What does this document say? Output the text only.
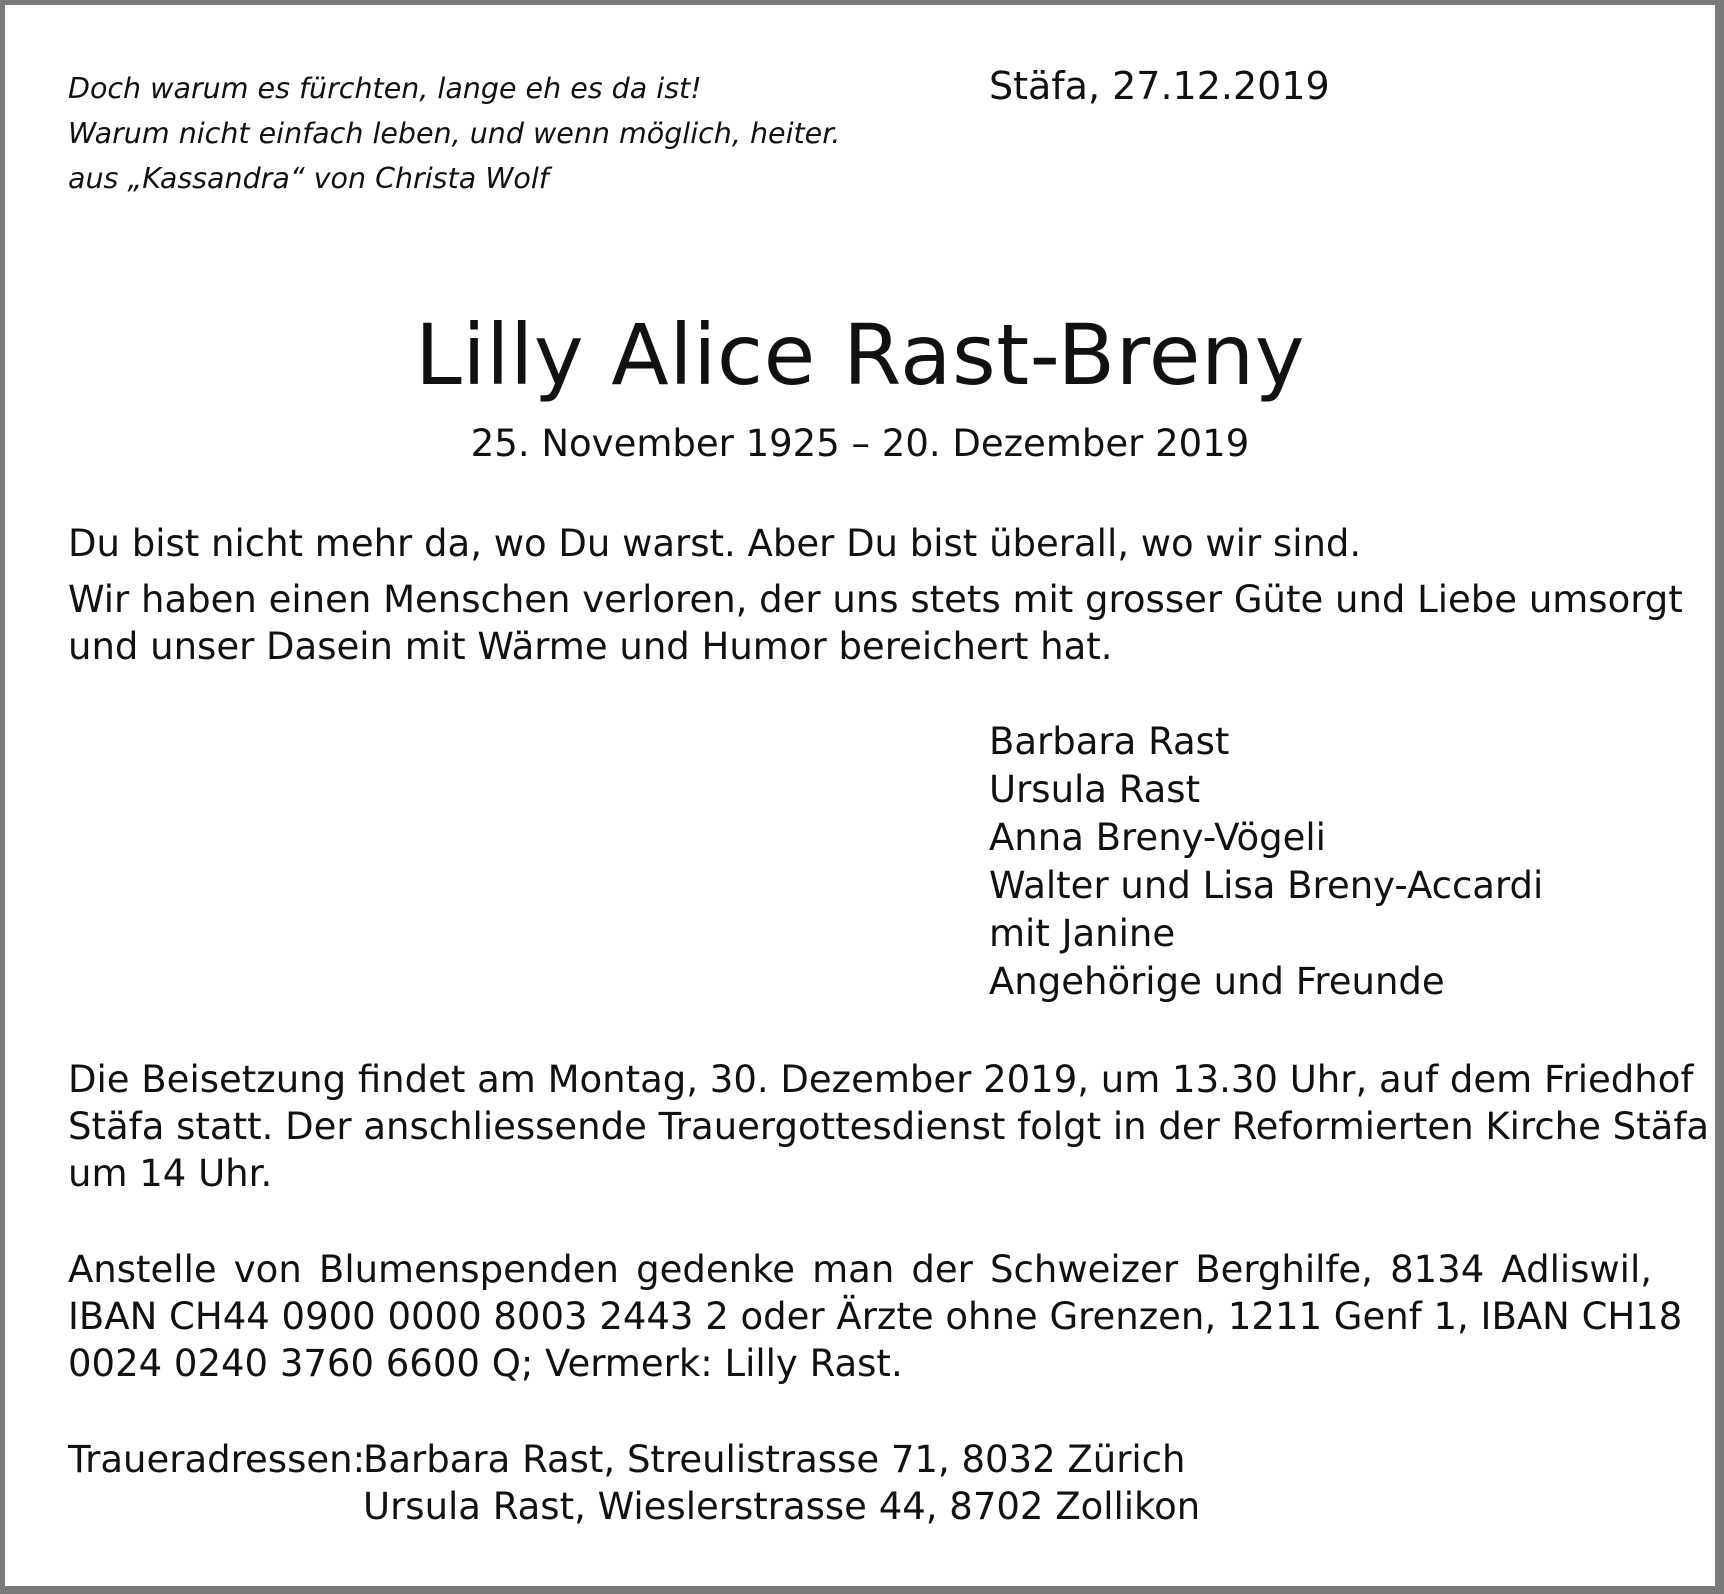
Doch warum es fürchten, lange eh es da ist!
Warum nicht einfach leben, und wenn möglich, heiter.
aus „Kassandra“ von Christa Wolf
Stäfa, 27.12.2019
Lilly Alice Rast-Breny
25. November 1925 – 20. Dezember 2019
Du bist nicht mehr da, wo Du warst. Aber Du bist überall, wo wir sind.
Wir haben einen Menschen verloren, der uns stets mit grosser Güte und Liebe umsorgt
und unser Dasein mit Wärme und Humor bereichert hat.
Barbara Rast
Ursula Rast
Anna Breny-Vögeli
Walter und Lisa Breny-Accardi
mit Janine
Angehörige und Freunde
Die Beisetzung findet am Montag, 30. Dezember 2019, um 13.30 Uhr, auf dem Friedhof
Stäfa statt. Der anschliessende Trauergottesdienst folgt in der Reformierten Kirche Stäfa
um 14 Uhr.
Anstelle von Blumenspenden gedenke man der Schweizer Berghilfe, 8134 Adliswil,
IBAN CH44 0900 0000 8003 2443 2 oder Ärzte ohne Grenzen, 1211 Genf 1, IBAN CH18
0024 0240 3760 6600 Q; Vermerk: Lilly Rast.
Traueradressen:
Barbara Rast, Streulistrasse 71, 8032 Zürich
Ursula Rast, Wieslerstrasse 44, 8702 Zollikon
